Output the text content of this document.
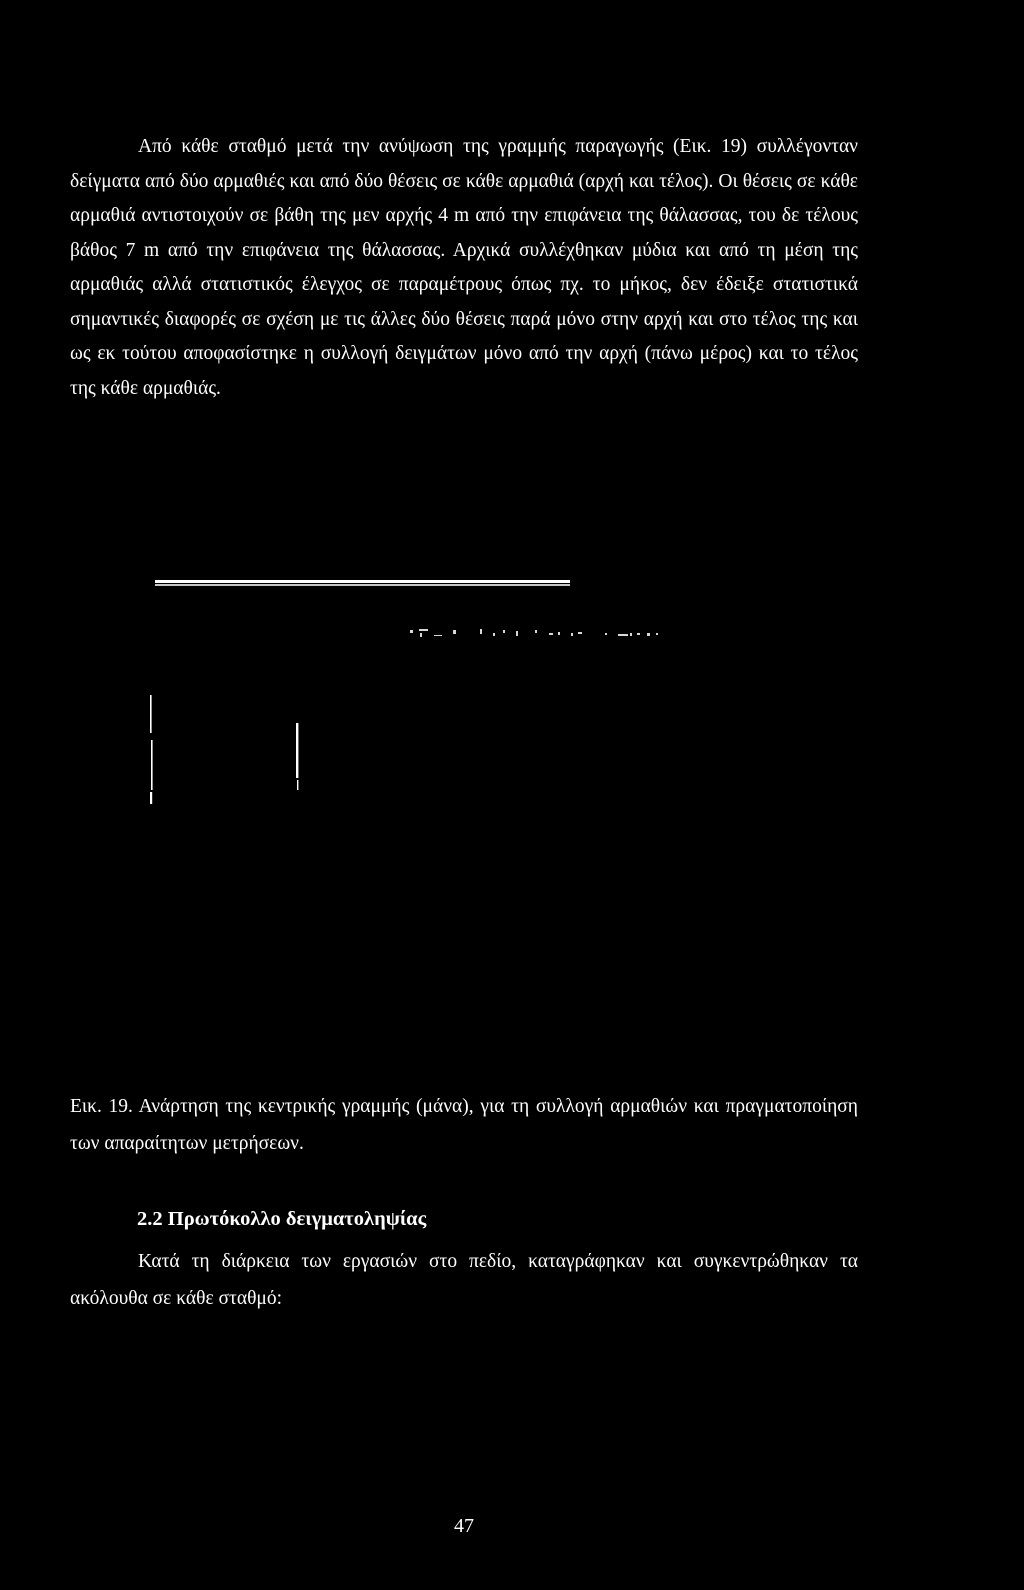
Από κάθε σταθμό μετά την ανύψωση της γραμμής παραγωγής (Εικ. 19) συλλέγονταν δείγματα από δύο αρμαθιές και από δύο θέσεις σε κάθε αρμαθιά (αρχή και τέλος). Οι θέσεις σε κάθε αρμαθιά αντιστοιχούν σε βάθη της μεν αρχής 4 m από την επιφάνεια της θάλασσας, του δε τέλους βάθος 7 m από την επιφάνεια της θάλασσας. Αρχικά συλλέχθηκαν μύδια και από τη μέση της αρμαθιάς αλλά στατιστικός έλεγχος σε παραμέτρους όπως πχ. το μήκος, δεν έδειξε στατιστικά σημαντικές διαφορές σε σχέση με τις άλλες δύο θέσεις παρά μόνο στην αρχή και στο τέλος της και ως εκ τούτου αποφασίστηκε η συλλογή δειγμάτων μόνο από την αρχή (πάνω μέρος) και το τέλος της κάθε αρμαθιάς.

Εικ. 19. Ανάρτηση της κεντρικής γραμμής (μάνα), για τη συλλογή αρμαθιών και πραγματοποίηση των απαραίτητων μετρήσεων.

2.2 Πρωτόκολλο δειγματοληψίας

Κατά τη διάρκεια των εργασιών στο πεδίο, καταγράφηκαν και συγκεντρώθηκαν τα ακόλουθα σε κάθε σταθμό:

47
